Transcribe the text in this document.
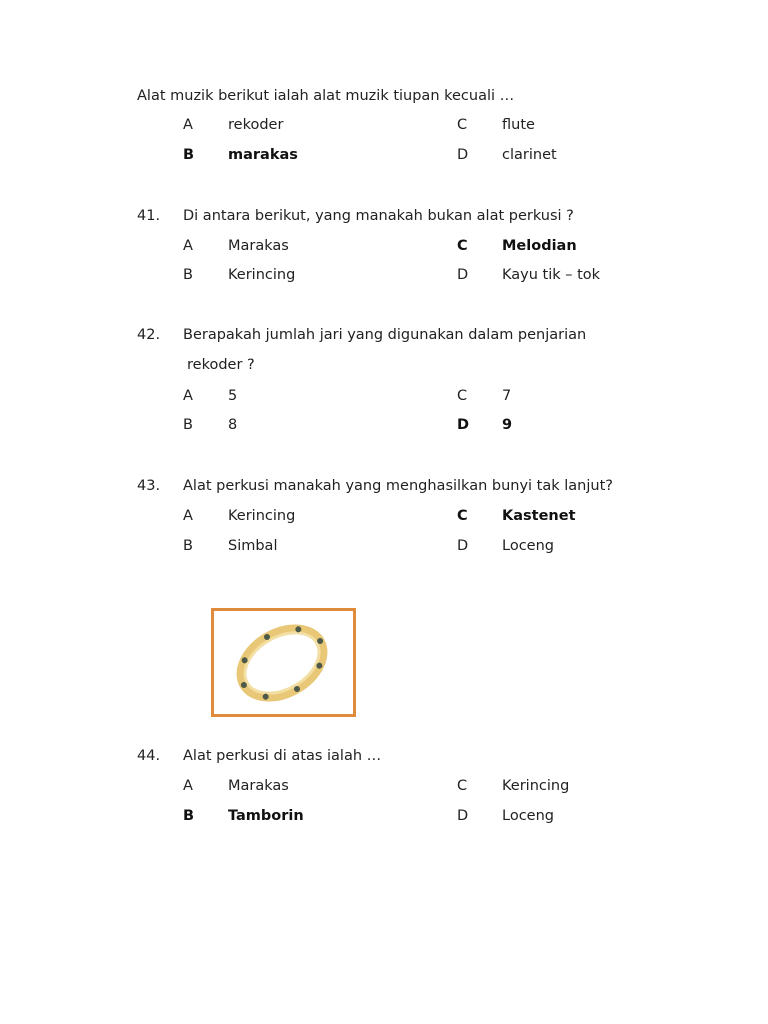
Alat muzik berikut ialah alat muzik tiupan kecuali …
A rekoder
B marakas
C flute
D clarinet
41. Di antara berikut, yang manakah bukan alat perkusi ?
A Marakas
B Kerincing
C Melodian
D Kayu tik – tok
42. Berapakah jumlah jari yang digunakan dalam penjarian
rekoder ?
A 5
B 8
C 7
D 9
43. Alat perkusi manakah yang menghasilkan bunyi tak lanjut?
A Kerincing
B Simbal
C Kastenet
D Loceng
44. Alat perkusi di atas ialah …
A Marakas
B Tamborin
C Kerincing
D Loceng
